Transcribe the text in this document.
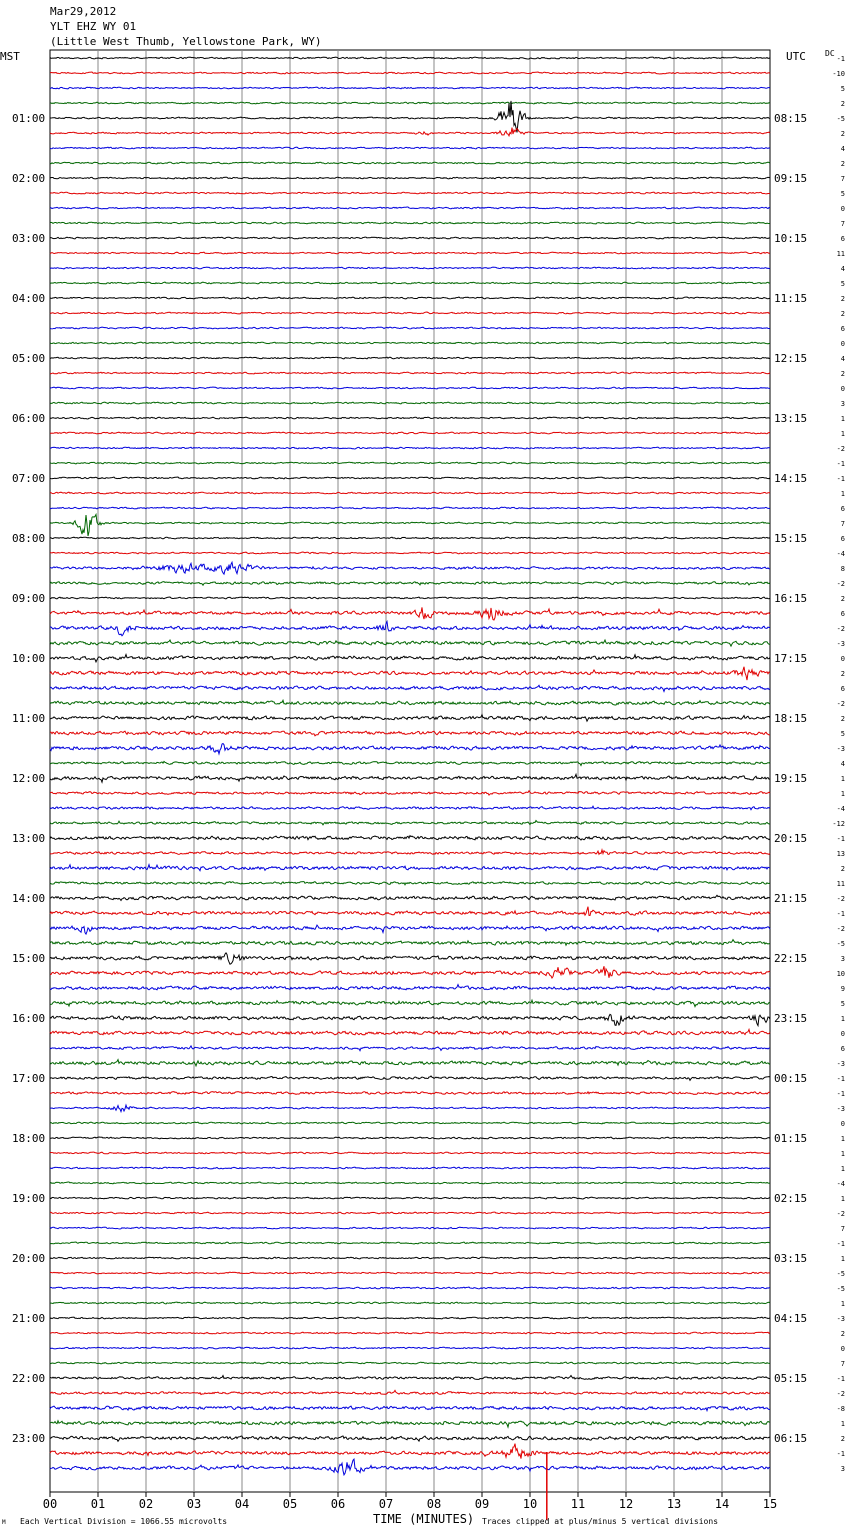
00	01	02	03	04	05	06	07	08	09	10	11	12	13	14	15
-1
-10
5
2
-5
2
4
2
7
5
0
7
6
11
4
5
2
2
6
0
4
2
0
3
1
1
-2
-1
-1
1
6
7
6
-4
8
-2
2
6
-2
-3
0
2
6
-2
2
5
-3
4
1
1
-4
-12
-1
13
2
11
-2
-1
-2
-5
3
10
9
5
1
0
6
-3
-1
-1
-3
0
1
1
1
-4
1
-2
7
-1
1
-5
-5
1
-3
2
0
7
-1
-2
-8
1
2
-1
3
01:00	08:15
02:00	09:15
03:00	10:15
04:00	11:15
05:00	12:15
06:00	13:15
07:00	14:15
08:00	15:15
09:00	16:15
10:00	17:15
11:00	18:15
12:00	19:15
13:00	20:15
14:00	21:15
15:00	22:15
16:00	23:15
17:00	00:15
18:00	01:15
19:00	02:15
20:00	03:15
21:00	04:15
22:00	05:15
23:00	06:15
Mar29,2012
YLT EHZ WY 01
(Little West Thumb, Yellowstone Park, WY)
MST	UTC DC
TIME (MINUTES)
Each Vertical Division = 1066.55 microvolts	Traces clipped at plus/minus 5 vertical divisions
M
